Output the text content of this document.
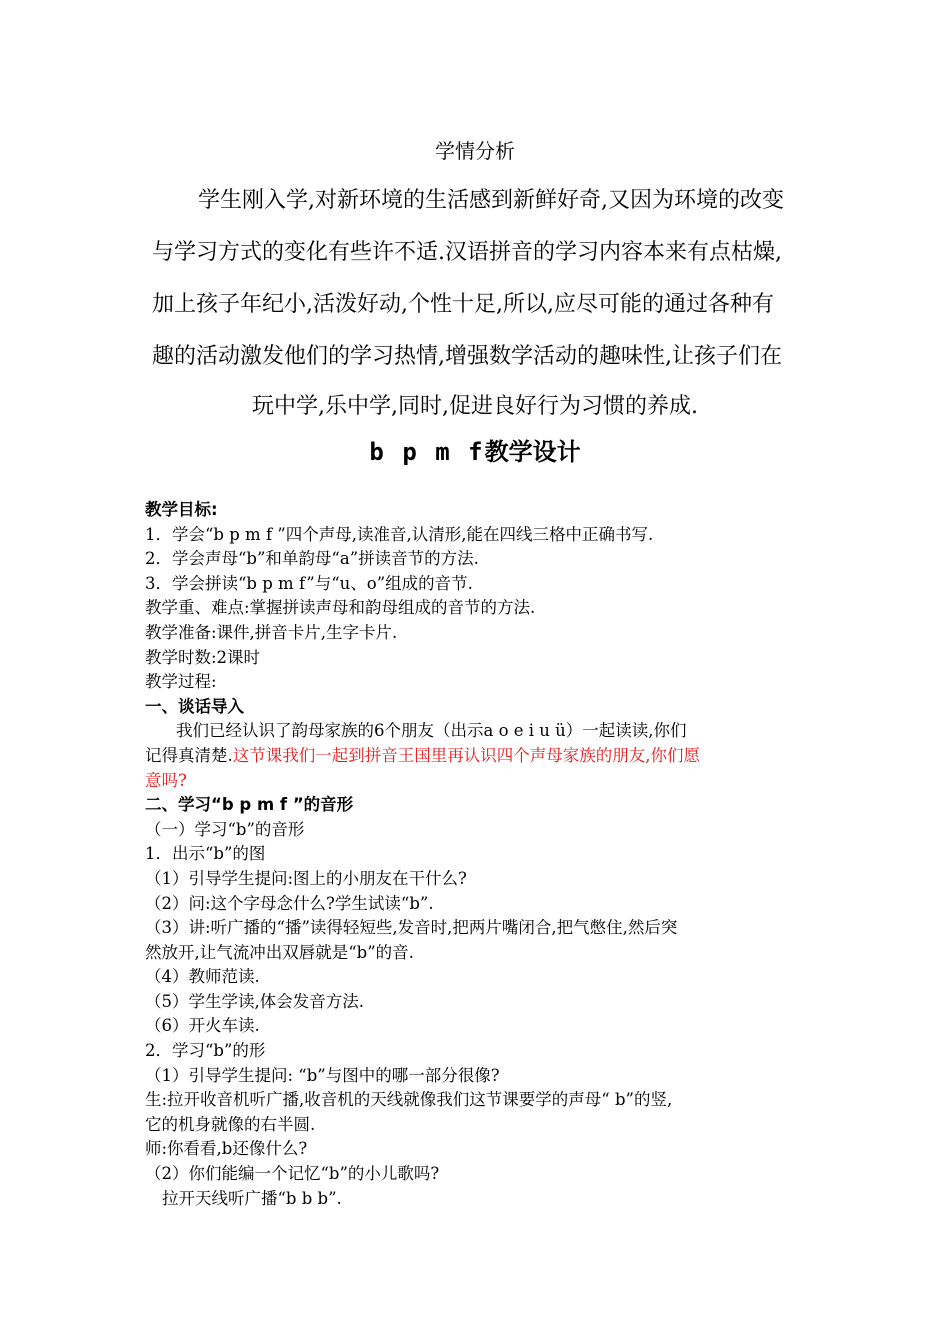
学情分析
学生刚入学,对新环境的生活感到新鲜好奇,又因为环境的改变
与学习方式的变化有些许不适.汉语拼音的学习内容本来有点枯燥,
加上孩子年纪小,活泼好动,个性十足,所以,应尽可能的通过各种有
趣的活动激发他们的学习热情,增强数学活动的趣味性,让孩子们在
玩中学,乐中学,同时,促进良好行为习惯的养成.
b p m f教学设计
教学目标:
1．学会“b p m f ”四个声母,读准音,认清形,能在四线三格中正确书写.
2．学会声母“b”和单韵母“a”拼读音节的方法.
3．学会拼读“b p m f”与“u、o”组成的音节.
教学重、难点:掌握拼读声母和韵母组成的音节的方法.
教学准备:课件,拼音卡片,生字卡片.
教学时数:2课时
教学过程:
一、谈话导入
我们已经认识了韵母家族的6个朋友（出示a o e i u ü）一起读读,你们
记得真清楚.这节课我们一起到拼音王国里再认识四个声母家族的朋友,你们愿
意吗?
二、学习“b p m f ”的音形
（一）学习“b”的音形
1．出示“b”的图
（1）引导学生提问:图上的小朋友在干什么?
（2）问:这个字母念什么?学生试读“b”.
（3）讲:听广播的“播”读得轻短些,发音时,把两片嘴闭合,把气憋住,然后突
然放开,让气流冲出双唇就是“b”的音.
（4）教师范读.
（5）学生学读,体会发音方法.
（6）开火车读.
2．学习“b”的形
（1）引导学生提问: “b”与图中的哪一部分很像?
生:拉开收音机听广播,收音机的天线就像我们这节课要学的声母“ b”的竖,
它的机身就像的右半圆.
师:你看看,b还像什么?
（2）你们能编一个记忆“b”的小儿歌吗?
拉开天线听广播“b b b”.
